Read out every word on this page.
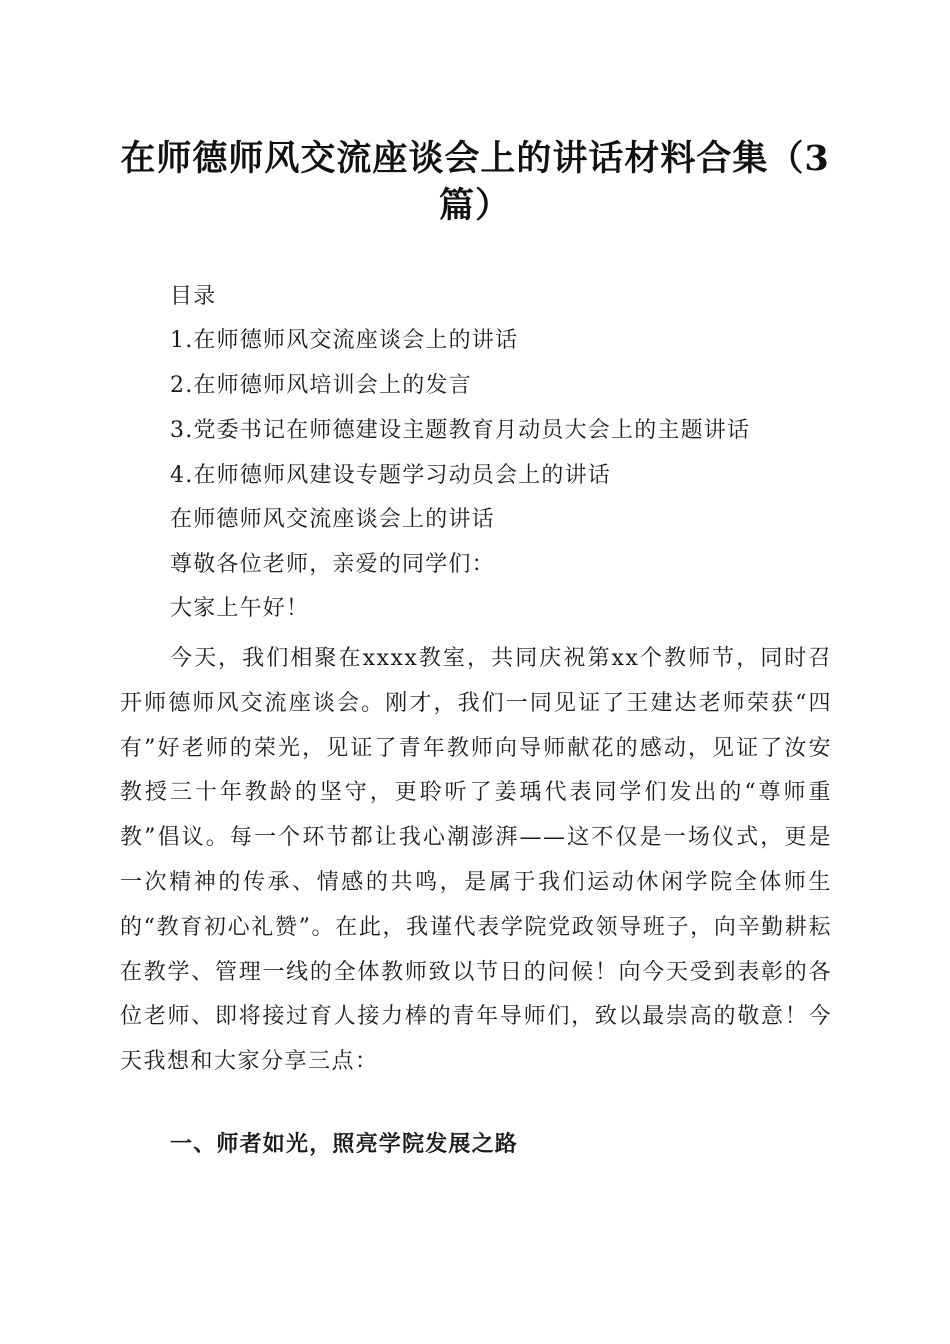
在师德师风交流座谈会上的讲话材料合集（3篇）
目录
1.在师德师风交流座谈会上的讲话
2.在师德师风培训会上的发言
3.党委书记在师德建设主题教育月动员大会上的主题讲话
4.在师德师风建设专题学习动员会上的讲话
在师德师风交流座谈会上的讲话
尊敬各位老师，亲爱的同学们：
大家上午好！
今天，我们相聚在xxxx教室，共同庆祝第xx个教师节，同时召开师德师风交流座谈会。刚才，我们一同见证了王建达老师荣获“四有”好老师的荣光，见证了青年教师向导师献花的感动，见证了汝安教授三十年教龄的坚守，更聆听了姜瑀代表同学们发出的“尊师重教”倡议。每一个环节都让我心潮澎湃——这不仅是一场仪式，更是一次精神的传承、情感的共鸣，是属于我们运动休闲学院全体师生的“教育初心礼赞”。在此，我谨代表学院党政领导班子，向辛勤耕耘在教学、管理一线的全体教师致以节日的问候！向今天受到表彰的各位老师、即将接过育人接力棒的青年导师们，致以最崇高的敬意！今天我想和大家分享三点：
一、师者如光，照亮学院发展之路
